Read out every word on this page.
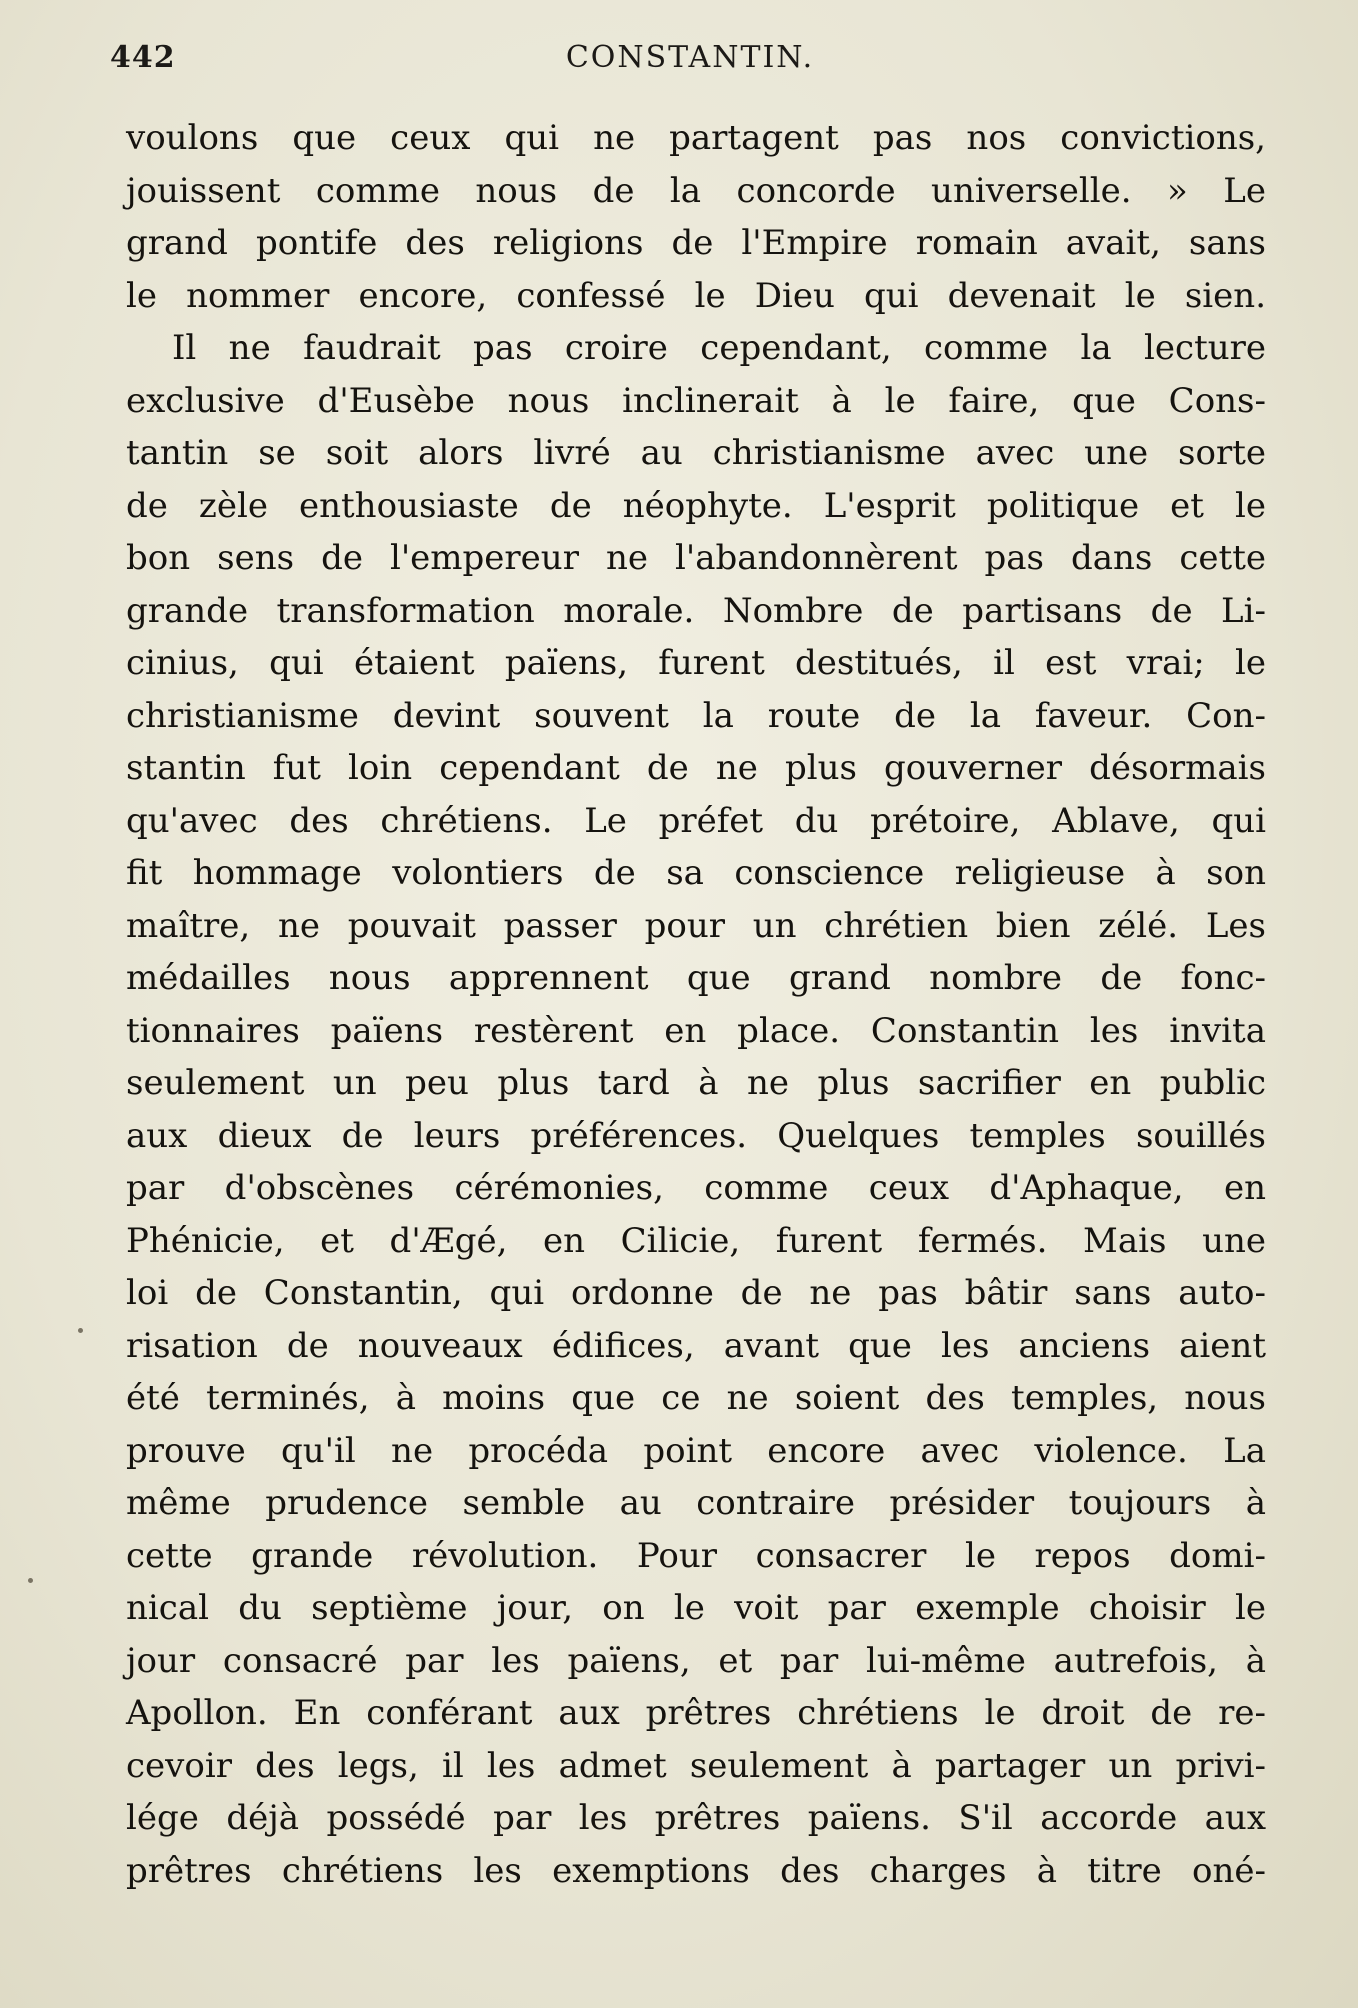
442	CONSTANTIN.
voulons que ceux qui ne partagent pas nos convictions,
jouissent comme nous de la concorde universelle. » Le
grand pontife des religions de l'Empire romain avait, sans
le nommer encore, confessé le Dieu qui devenait le sien.
Il ne faudrait pas croire cependant, comme la lecture
exclusive d'Eusèbe nous inclinerait à le faire, que Cons-
tantin se soit alors livré au christianisme avec une sorte
de zèle enthousiaste de néophyte. L'esprit politique et le
bon sens de l'empereur ne l'abandonnèrent pas dans cette
grande transformation morale. Nombre de partisans de Li-
cinius, qui étaient païens, furent destitués, il est vrai; le
christianisme devint souvent la route de la faveur. Con-
stantin fut loin cependant de ne plus gouverner désormais
qu'avec des chrétiens. Le préfet du prétoire, Ablave, qui
fit hommage volontiers de sa conscience religieuse à son
maître, ne pouvait passer pour un chrétien bien zélé. Les
médailles nous apprennent que grand nombre de fonc-
tionnaires païens restèrent en place. Constantin les invita
seulement un peu plus tard à ne plus sacrifier en public
aux dieux de leurs préférences. Quelques temples souillés
par d'obscènes cérémonies, comme ceux d'Aphaque, en
Phénicie, et d'Ægé, en Cilicie, furent fermés. Mais une
loi de Constantin, qui ordonne de ne pas bâtir sans auto-
risation de nouveaux édifices, avant que les anciens aient
été terminés, à moins que ce ne soient des temples, nous
prouve qu'il ne procéda point encore avec violence. La
même prudence semble au contraire présider toujours à
cette grande révolution. Pour consacrer le repos domi-
nical du septième jour, on le voit par exemple choisir le
jour consacré par les païens, et par lui-même autrefois, à
Apollon. En conférant aux prêtres chrétiens le droit de re-
cevoir des legs, il les admet seulement à partager un privi-
lége déjà possédé par les prêtres païens. S'il accorde aux
prêtres chrétiens les exemptions des charges à titre oné-
